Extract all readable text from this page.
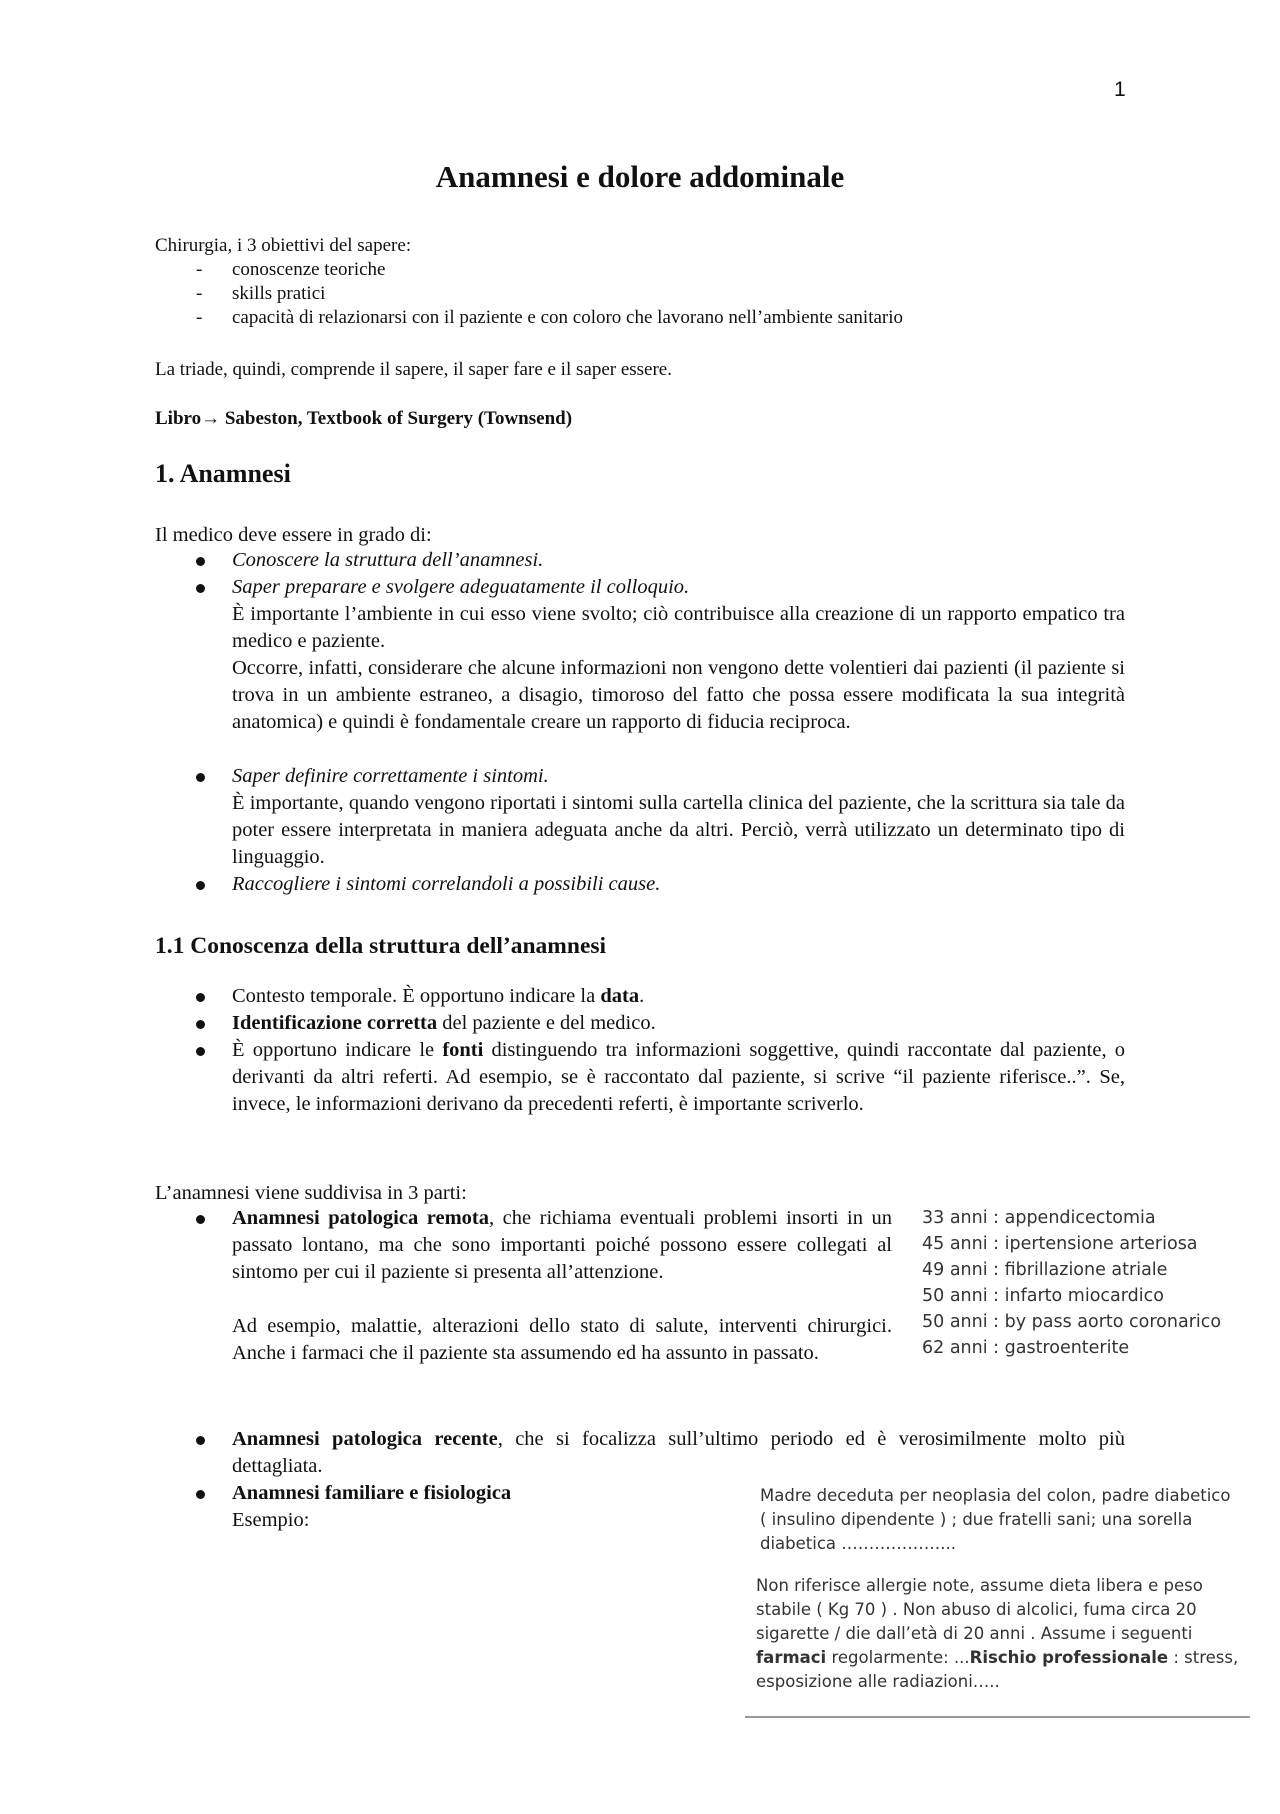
1
Anamnesi e dolore addominale
Chirurgia, i 3 obiettivi del sapere:
- conoscenze teoriche
- skills pratici
- capacità di relazionarsi con il paziente e con coloro che lavorano nell’ambiente sanitario
La triade, quindi, comprende il sapere, il saper fare e il saper essere.
Libro→ Sabeston, Textbook of Surgery (Townsend)
1. Anamnesi
Il medico deve essere in grado di:
Conoscere la struttura dell’anamnesi.
Saper preparare e svolgere adeguatamente il colloquio.
È importante l’ambiente in cui esso viene svolto; ciò contribuisce alla creazione di un rapporto empatico tra medico e paziente.
Occorre, infatti, considerare che alcune informazioni non vengono dette volentieri dai pazienti (il paziente si trova in un ambiente estraneo, a disagio, timoroso del fatto che possa essere modificata la sua integrità anatomica) e quindi è fondamentale creare un rapporto di fiducia reciproca.
Saper definire correttamente i sintomi.
È importante, quando vengono riportati i sintomi sulla cartella clinica del paziente, che la scrittura sia tale da poter essere interpretata in maniera adeguata anche da altri. Perciò, verrà utilizzato un determinato tipo di linguaggio.
Raccogliere i sintomi correlandoli a possibili cause.
1.1 Conoscenza della struttura dell’anamnesi
Contesto temporale. È opportuno indicare la data.
Identificazione corretta del paziente e del medico.
È opportuno indicare le fonti distinguendo tra informazioni soggettive, quindi raccontate dal paziente, o derivanti da altri referti. Ad esempio, se è raccontato dal paziente, si scrive “il paziente riferisce..”. Se, invece, le informazioni derivano da precedenti referti, è importante scriverlo.
L’anamnesi viene suddivisa in 3 parti:
Anamnesi patologica remota, che richiama eventuali problemi insorti in un passato lontano, ma che sono importanti poiché possono essere collegati al sintomo per cui il paziente si presenta all’attenzione.
Ad esempio, malattie, alterazioni dello stato di salute, interventi chirurgici. Anche i farmaci che il paziente sta assumendo ed ha assunto in passato.
Anamnesi patologica recente, che si focalizza sull’ultimo periodo ed è verosimilmente molto più dettagliata.
Anamnesi familiare e fisiologica
Esempio:
33 anni : appendicectomia
45 anni : ipertensione arteriosa
49 anni : fibrillazione atriale
50 anni : infarto miocardico
50 anni : by pass aorto coronarico
62 anni : gastroenterite
Madre deceduta per neoplasia del colon, padre diabetico
( insulino dipendente ) ; due fratelli sani; una sorella
diabetica ………………...
Non riferisce allergie note, assume dieta libera e peso
stabile ( Kg 70 ) . Non abuso di alcolici, fuma circa 20
sigarette / die dall’età di 20 anni . Assume i seguenti
farmaci regolarmente: ...Rischio professionale : stress,
esposizione alle radiazioni…..
